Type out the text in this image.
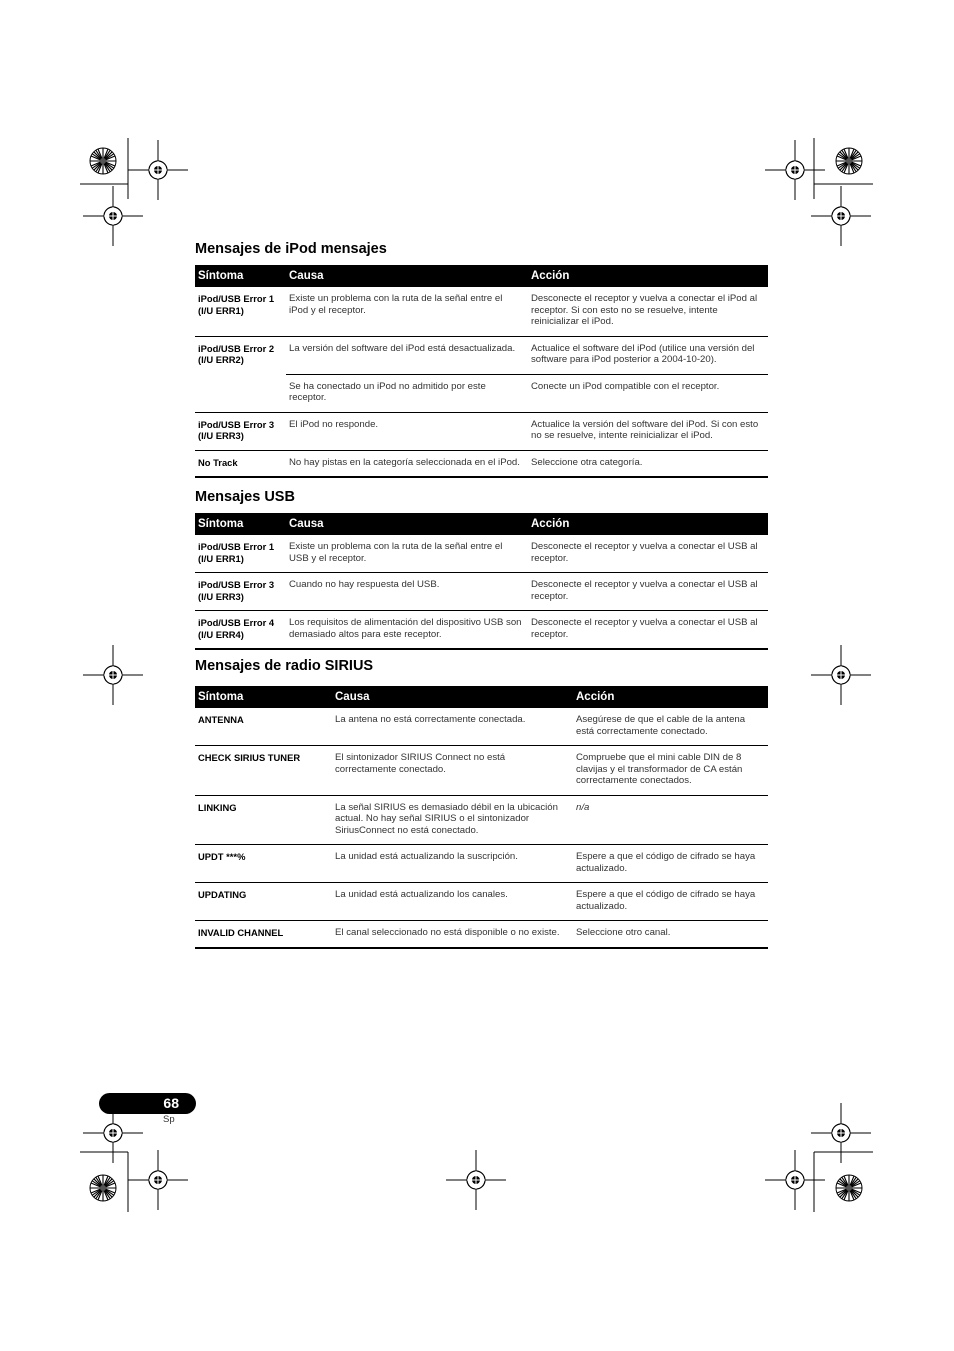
Mensajes de iPod mensajes
Síntoma	Causa	Acción
iPod/USB Error 1
(I/U ERR1)	Existe un problema con la ruta de la señal entre el iPod y el receptor.	Desconecte el receptor y vuelva a conectar el iPod al receptor. Si con esto no se resuelve, intente reinicializar el iPod.
iPod/USB Error 2
(I/U ERR2)	La versión del software del iPod está desactualizada.	Actualice el software del iPod (utilice una versión del software para iPod posterior a 2004-10-20).
	Se ha conectado un iPod no admitido por este receptor.	Conecte un iPod compatible con el receptor.
iPod/USB Error 3
(I/U ERR3)	El iPod no responde.	Actualice la versión del software del iPod. Si con esto no se resuelve, intente reinicializar el iPod.
No Track	No hay pistas en la categoría seleccionada en el iPod.	Seleccione otra categoría.
Mensajes USB
Síntoma	Causa	Acción
iPod/USB Error 1
(I/U ERR1)	Existe un problema con la ruta de la señal entre el USB y el receptor.	Desconecte el receptor y vuelva a conectar el USB al receptor.
iPod/USB Error 3
(I/U ERR3)	Cuando no hay respuesta del USB.	Desconecte el receptor y vuelva a conectar el USB al receptor.
iPod/USB Error 4
(I/U ERR4)	Los requisitos de alimentación del dispositivo USB son demasiado altos para este receptor.	Desconecte el receptor y vuelva a conectar el USB al receptor.
Mensajes de radio SIRIUS
Síntoma	Causa	Acción
ANTENNA	La antena no está correctamente conectada.	Asegúrese de que el cable de la antena está correctamente conectado.
CHECK SIRIUS TUNER	El sintonizador SIRIUS Connect no está correctamente conectado.	Compruebe que el mini cable DIN de 8 clavijas y el transformador de CA están correctamente conectados.
LINKING	La señal SIRIUS es demasiado débil en la ubicación actual. No hay señal SIRIUS o el sintonizador SiriusConnect no está conectado.	n/a
UPDT ***%	La unidad está actualizando la suscripción.	Espere a que el código de cifrado se haya actualizado.
UPDATING	La unidad está actualizando los canales.	Espere a que el código de cifrado se haya actualizado.
INVALID CHANNEL	El canal seleccionado no está disponible o no existe.	Seleccione otro canal.
68
Sp
